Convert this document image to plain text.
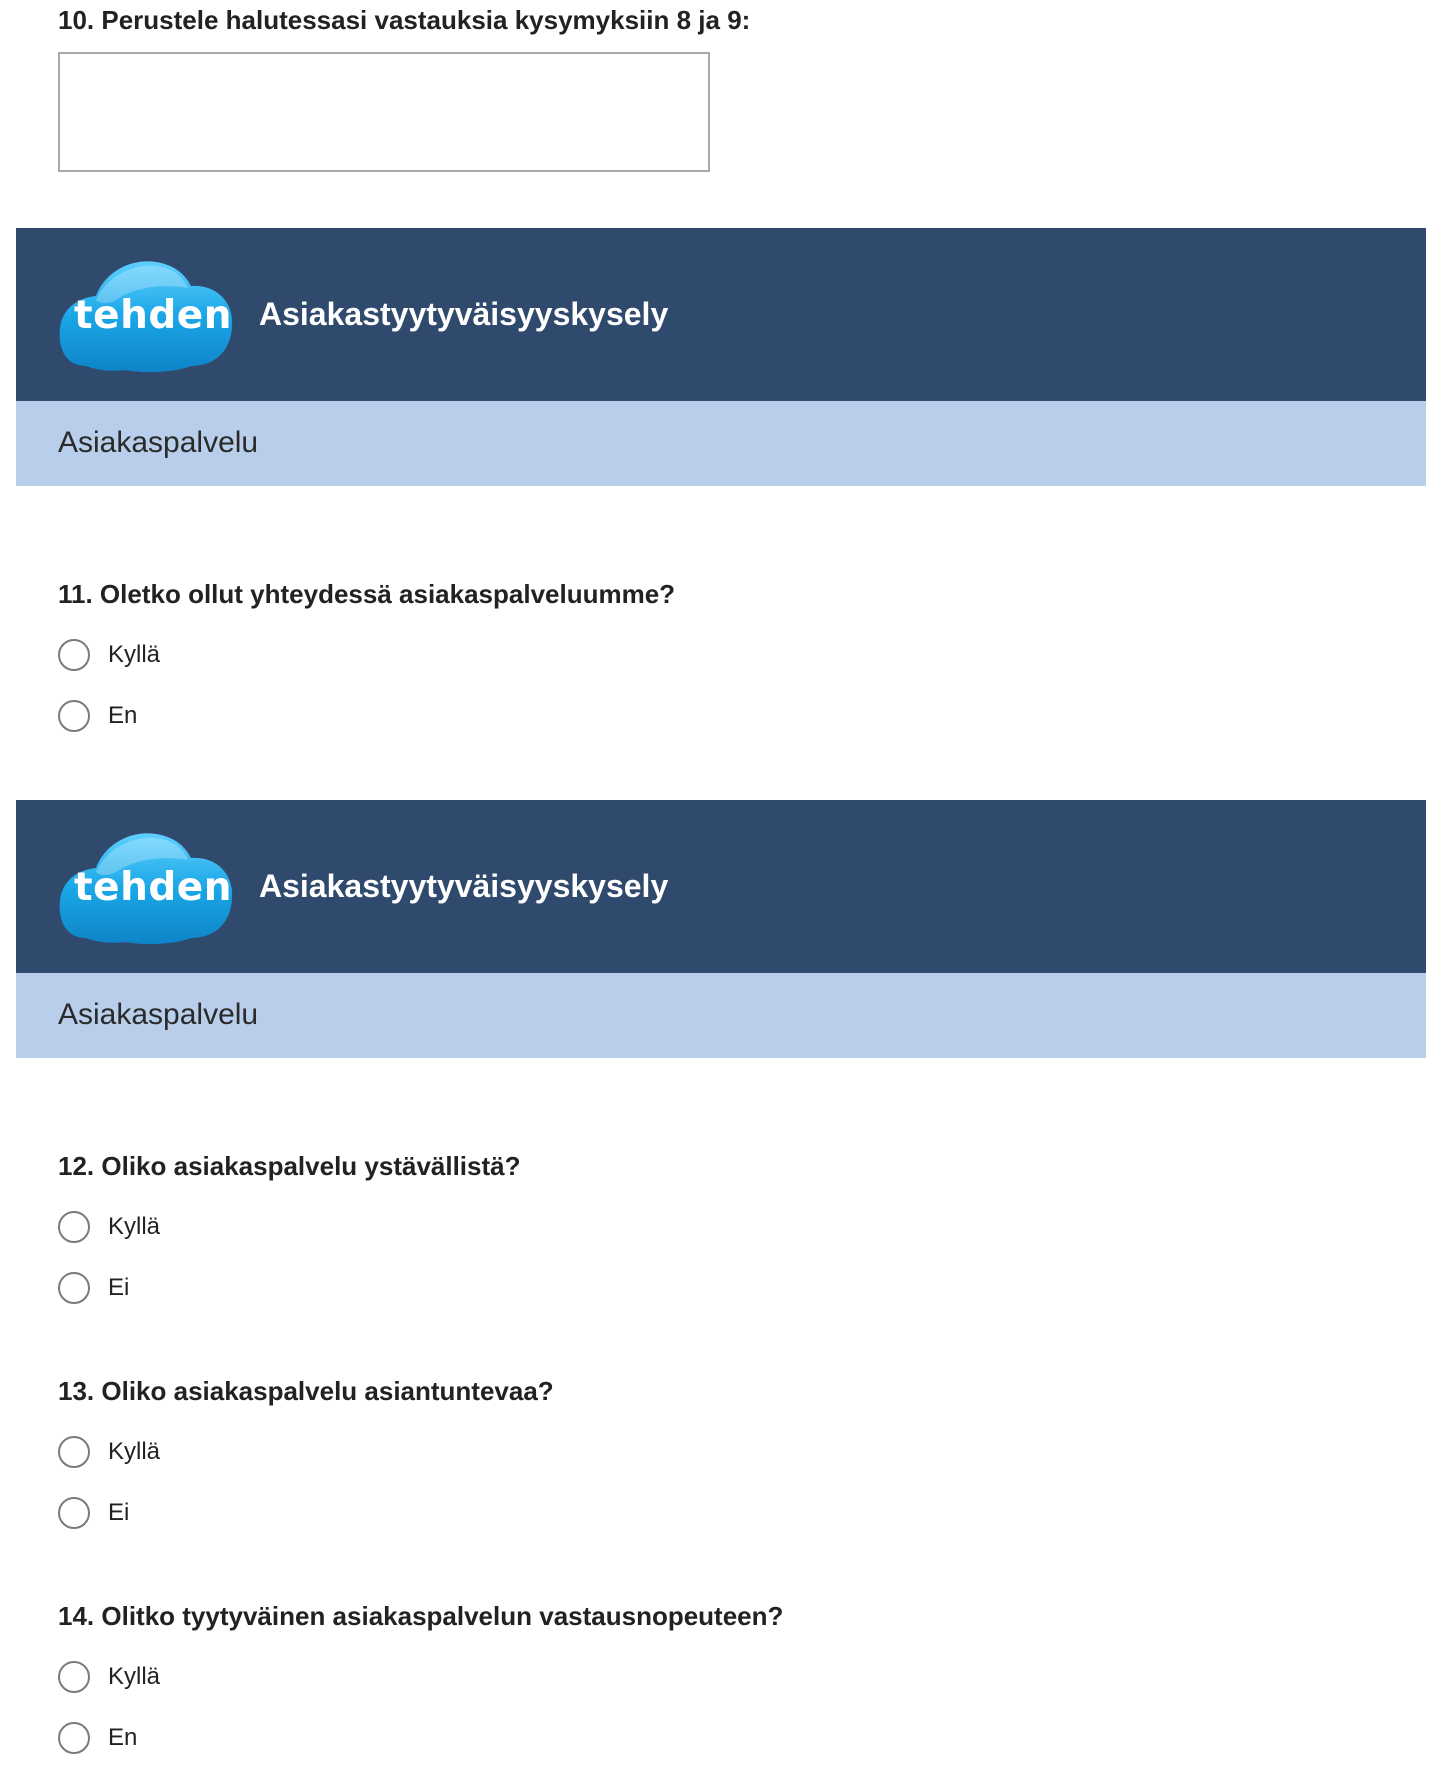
10. Perustele halutessasi vastauksia kysymyksiin 8 ja 9:
tehden Asiakastyytyväisyyskysely
Asiakaspalvelu
11. Oletko ollut yhteydessä asiakaspalveluumme?
Kyllä
En
tehden Asiakastyytyväisyyskysely
Asiakaspalvelu
12. Oliko asiakaspalvelu ystävällistä?
Kyllä
Ei
13. Oliko asiakaspalvelu asiantuntevaa?
Kyllä
Ei
14. Olitko tyytyväinen asiakaspalvelun vastausnopeuteen?
Kyllä
En
